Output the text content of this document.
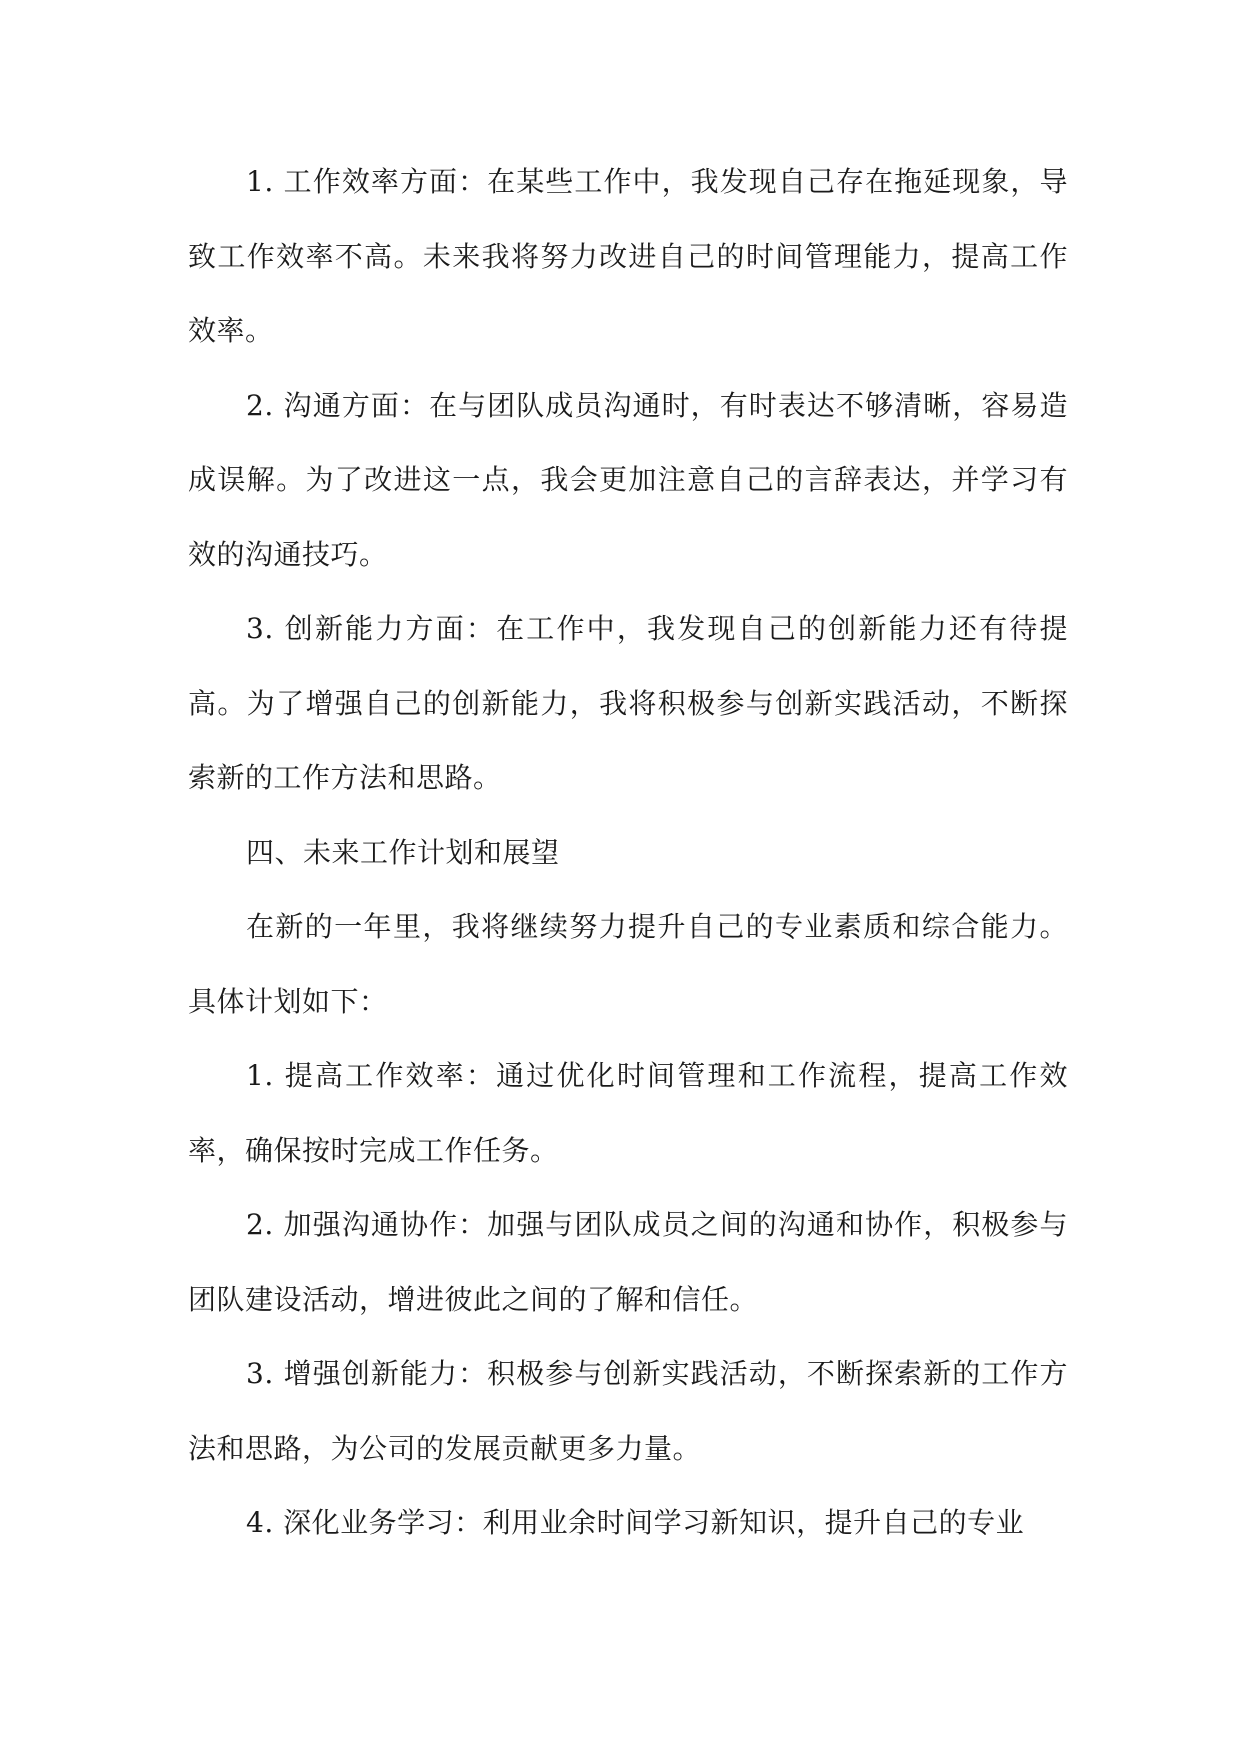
1. 工作效率方面：在某些工作中，我发现自己存在拖延现象，导致工作效率不高。未来我将努力改进自己的时间管理能力，提高工作效率。

2. 沟通方面：在与团队成员沟通时，有时表达不够清晰，容易造成误解。为了改进这一点，我会更加注意自己的言辞表达，并学习有效的沟通技巧。

3. 创新能力方面：在工作中，我发现自己的创新能力还有待提高。为了增强自己的创新能力，我将积极参与创新实践活动，不断探索新的工作方法和思路。

四、未来工作计划和展望

在新的一年里，我将继续努力提升自己的专业素质和综合能力。具体计划如下：

1. 提高工作效率：通过优化时间管理和工作流程，提高工作效率，确保按时完成工作任务。

2. 加强沟通协作：加强与团队成员之间的沟通和协作，积极参与团队建设活动，增进彼此之间的了解和信任。

3. 增强创新能力：积极参与创新实践活动，不断探索新的工作方法和思路，为公司的发展贡献更多力量。

4. 深化业务学习：利用业余时间学习新知识，提升自己的专业
